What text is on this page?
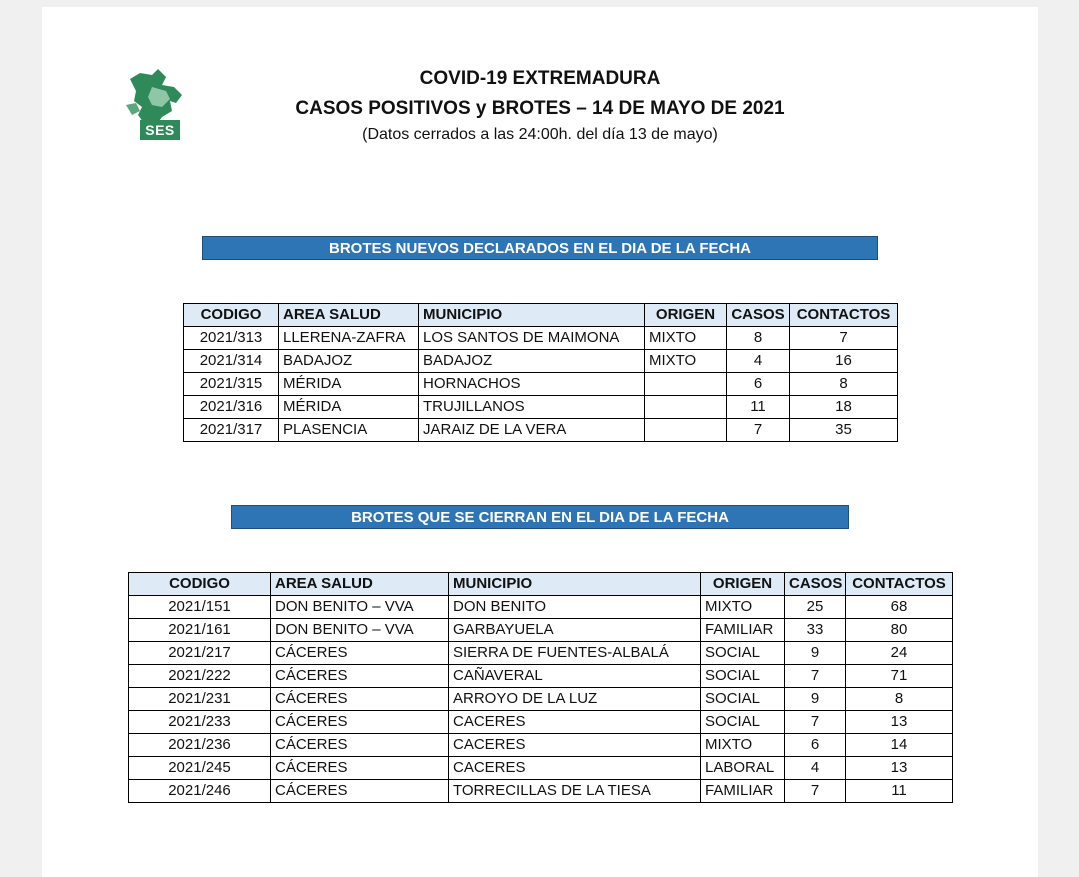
SES
COVID-19 EXTREMADURA
CASOS POSITIVOS y BROTES – 14 DE MAYO DE 2021
(Datos cerrados a las 24:00h. del día 13 de mayo)
BROTES NUEVOS DECLARADOS EN EL DIA DE LA FECHA
CODIGO	AREA SALUD	MUNICIPIO	ORIGEN	CASOS	CONTACTOS
2021/313	LLERENA-ZAFRA	LOS SANTOS DE MAIMONA	MIXTO	8	7
2021/314	BADAJOZ	BADAJOZ	MIXTO	4	16
2021/315	MÉRIDA	HORNACHOS		6	8
2021/316	MÉRIDA	TRUJILLANOS		11	18
2021/317	PLASENCIA	JARAIZ DE LA VERA		7	35
BROTES QUE SE CIERRAN EN EL DIA DE LA FECHA
CODIGO	AREA SALUD	MUNICIPIO	ORIGEN	CASOS	CONTACTOS
2021/151	DON BENITO – VVA	DON BENITO	MIXTO	25	68
2021/161	DON BENITO – VVA	GARBAYUELA	FAMILIAR	33	80
2021/217	CÁCERES	SIERRA DE FUENTES-ALBALÁ	SOCIAL	9	24
2021/222	CÁCERES	CAÑAVERAL	SOCIAL	7	71
2021/231	CÁCERES	ARROYO DE LA LUZ	SOCIAL	9	8
2021/233	CÁCERES	CACERES	SOCIAL	7	13
2021/236	CÁCERES	CACERES	MIXTO	6	14
2021/245	CÁCERES	CACERES	LABORAL	4	13
2021/246	CÁCERES	TORRECILLAS DE LA TIESA	FAMILIAR	7	11
